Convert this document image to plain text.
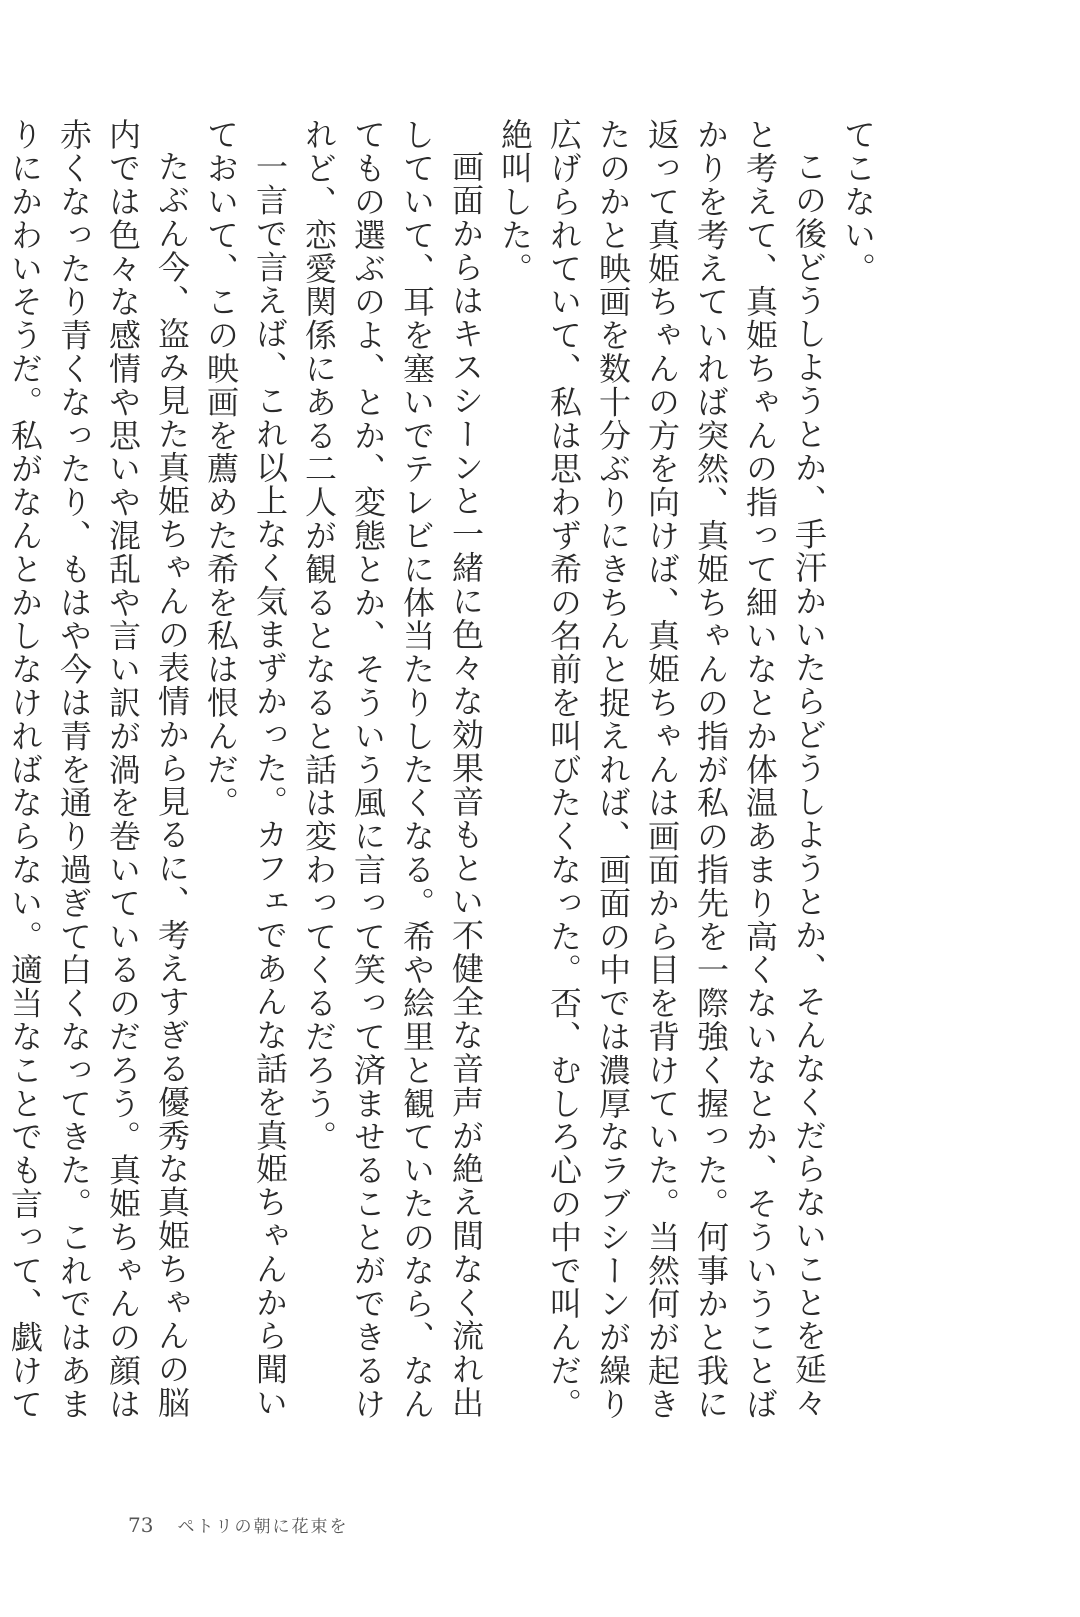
てこない。

この後どうしようとか、手汗かいたらどうしようとか、そんなくだらないことを延々と考えて、真姫ちゃんの指って細いなとか体温あまり高くないなとか、そういうことばかりを考えていれば突然、真姫ちゃんの指が私の指先を一際強く握った。何事かと我に返って真姫ちゃんの方を向けば、真姫ちゃんは画面から目を背けていた。当然何が起きたのかと映画を数十分ぶりにきちんと捉えれば、画面の中では濃厚なラブシーンが繰り広げられていて、私は思わず希の名前を叫びたくなった。否、むしろ心の中で叫んだ。絶叫した。

画面からはキスシーンと一緒に色々な効果音もとい不健全な音声が絶え間なく流れ出していて、耳を塞いでテレビに体当たりしたくなる。希や絵里と観ていたのなら、なんてもの選ぶのよ、とか、変態とか、そういう風に言って笑って済ませることができるけれど、恋愛関係にある二人が観るとなると話は変わってくるだろう。

一言で言えば、これ以上なく気まずかった。カフェであんな話を真姫ちゃんから聞いておいて、この映画を薦めた希を私は恨んだ。

たぶん今、盗み見た真姫ちゃんの表情から見るに、考えすぎる優秀な真姫ちゃんの脳内では色々な感情や思いや混乱や言い訳が渦を巻いているのだろう。真姫ちゃんの顔は赤くなったり青くなったり、もはや今は青を通り過ぎて白くなってきた。これではあまりにかわいそうだ。私がなんとかしなければならない。適当なことでも言って、戯けて

73 ペトリの朝に花束を
